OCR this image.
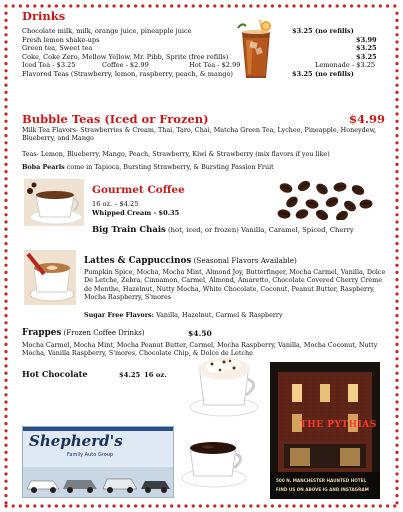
Drinks
Chocolate milk, milk, orange juice, pineapple juice	$3.25 (no refills)
Fresh lemon shake-ups	$3.99
Green tea, Sweet tea	$3.25
Coke, Coke Zero, Mellow Yellow, Mr. Pibb, Sprite (free refills)	$3.25
Iced Tea - $3.25	Coffee - $2.99	Hot Tea - $2.99	Lemonade - $3.25
Flavored Teas (Strawberry, lemon, raspberry, peach, & mango)	$3.25 (no refills)
Bubble Teas (Iced or Frozen)	$4.99
Milk Tea Flavors- Strawberries & Cream, Thai, Taro, Chai, Matcha Green Tea, Lychee, Pineapple, Honeydew, Blueberry, and Mango
Teas- Lemon, Blueberry, Mango, Peach, Strawberry, Kiwi & Strawberry (mix flavors if you like)
Boba Pearls come in Tapioca, Bursting Strawberry, & Bursting Passion Fruit
Gourmet Coffee
16 oz. – $4.25
Whipped Cream - $0.35
Big Train Chais (hot, iced, or frozen) Vanilla, Caramel, Spiced, Cherry
Lattes & Cappuccinos (Seasonal Flavors Available)
Pumpkin Spice, Mocha, Mocha Mint, Almond Joy, Butterfinger, Mocha Carmel, Vanilla, Dolce De Letche, Zebra, Cinnamon, Carmel, Almond, Amaretto, Chocolate Covered Cherry Crème de Menthe, Hazelnut, Nutty Mocha, White Chocolate, Coconut, Peanut Butter, Raspberry, Mocha Raspberry, S'mores
Sugar Free Flavors: Vanilla, Hazelnut, Carmel & Raspberry
Frappes (Frozen Coffee Drinks)	$4.50
Mocha Carmel, Mocha Mint, Mocha Peanut Butter, Carmel, Mocha Raspberry, Vanilla, Mocha Coconut, Nutty Mocha, Vanilla Raspberry, S'mores, Chocolate Chip, & Dolce de Letche
Hot Chocolate	$4.25 16 oz.
THE PYTHIAS
500 N. MANCHESTER HAUNTED HOTEL
FIND US ON ABOVE IG AND INSTAGRAM
Shepherd's
Family Auto Group
